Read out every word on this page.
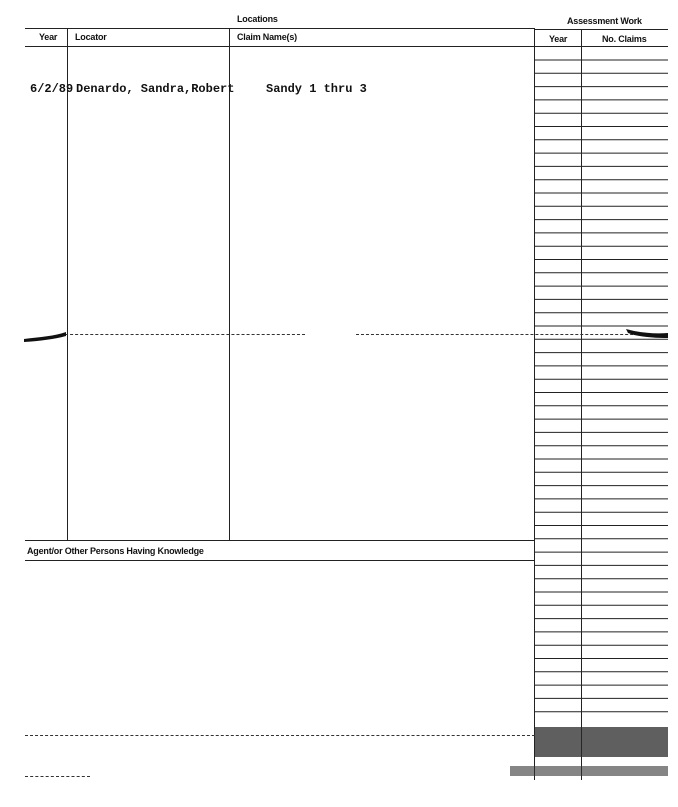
Locations	Assessment Work
Year Locator	Claim Name(s)	Year	No. Claims
6/2/89 Denardo, Sandra,Robert	Sandy 1 thru 3
Agent/or Other Persons Having Knowledge
